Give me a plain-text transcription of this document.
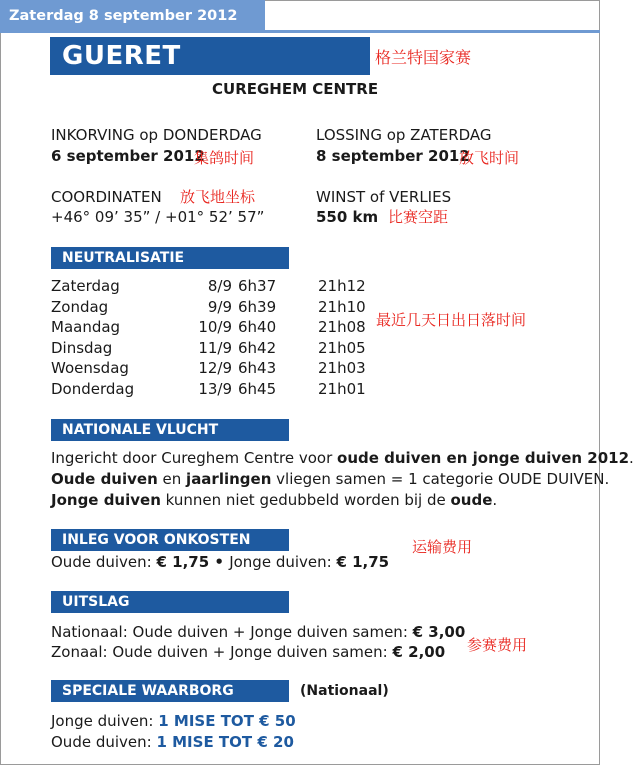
Zaterdag 8 september 2012
GUERET	格兰特国家赛
CUREGHEM CENTRE
INKORVING op DONDERDAG
6 september 2012
集鸽时间
LOSSING op ZATERDAG
8 september 2012
放飞时间
COORDINATEN 放飞地坐标
+46° 09’ 35” / +01° 52’ 57”
WINST of VERLIES
550 km 比赛空距
NEUTRALISATIE
Zaterdag	8/9 6h37	21h12
Zondag	9/9 6h39	21h10
Maandag	10/9 6h40	21h08
Dinsdag	11/9 6h42	21h05
Woensdag	12/9 6h43	21h03
Donderdag	13/9 6h45	21h01
最近几天日出日落时间
NATIONALE VLUCHT
Ingericht door Cureghem Centre voor oude duiven en jonge duiven 2012.
Oude duiven en jaarlingen vliegen samen = 1 categorie OUDE DUIVEN.
Jonge duiven kunnen niet gedubbeld worden bij de oude.
INLEG VOOR ONKOSTEN	运输费用
Oude duiven: € 1,75 • Jonge duiven: € 1,75
UITSLAG
Nationaal: Oude duiven + Jonge duiven samen: € 3,00
Zonaal: Oude duiven + Jonge duiven samen: € 2,00 参赛费用
SPECIALE WAARBORG	(Nationaal)
Jonge duiven: 1 MISE TOT € 50
Oude duiven: 1 MISE TOT € 20
